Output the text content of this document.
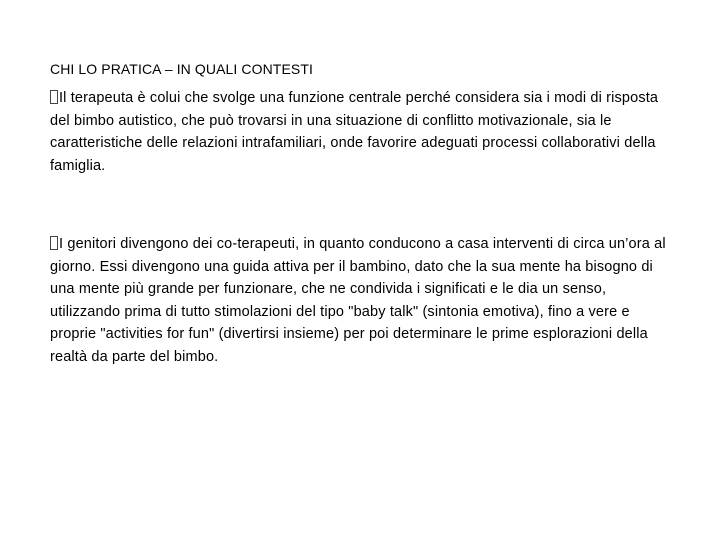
CHI LO PRATICA – IN QUALI CONTESTI

Il terapeuta è colui che svolge una funzione centrale perché considera sia i modi di risposta del bimbo autistico, che può trovarsi in una situazione di conflitto motivazionale, sia le caratteristiche delle relazioni intrafamiliari, onde favorire adeguati processi collaborativi della famiglia.

I genitori divengono dei co-terapeuti, in quanto conducono a casa interventi di circa un’ora al giorno. Essi divengono una guida attiva per il bambino, dato che la sua mente ha bisogno di una mente più grande per funzionare, che ne condivida i significati e le dia un senso, utilizzando prima di tutto stimolazioni del tipo "baby talk" (sintonia emotiva), fino a vere e proprie "activities for fun" (divertirsi insieme) per poi determinare le prime esplorazioni della realtà da parte del bimbo.
